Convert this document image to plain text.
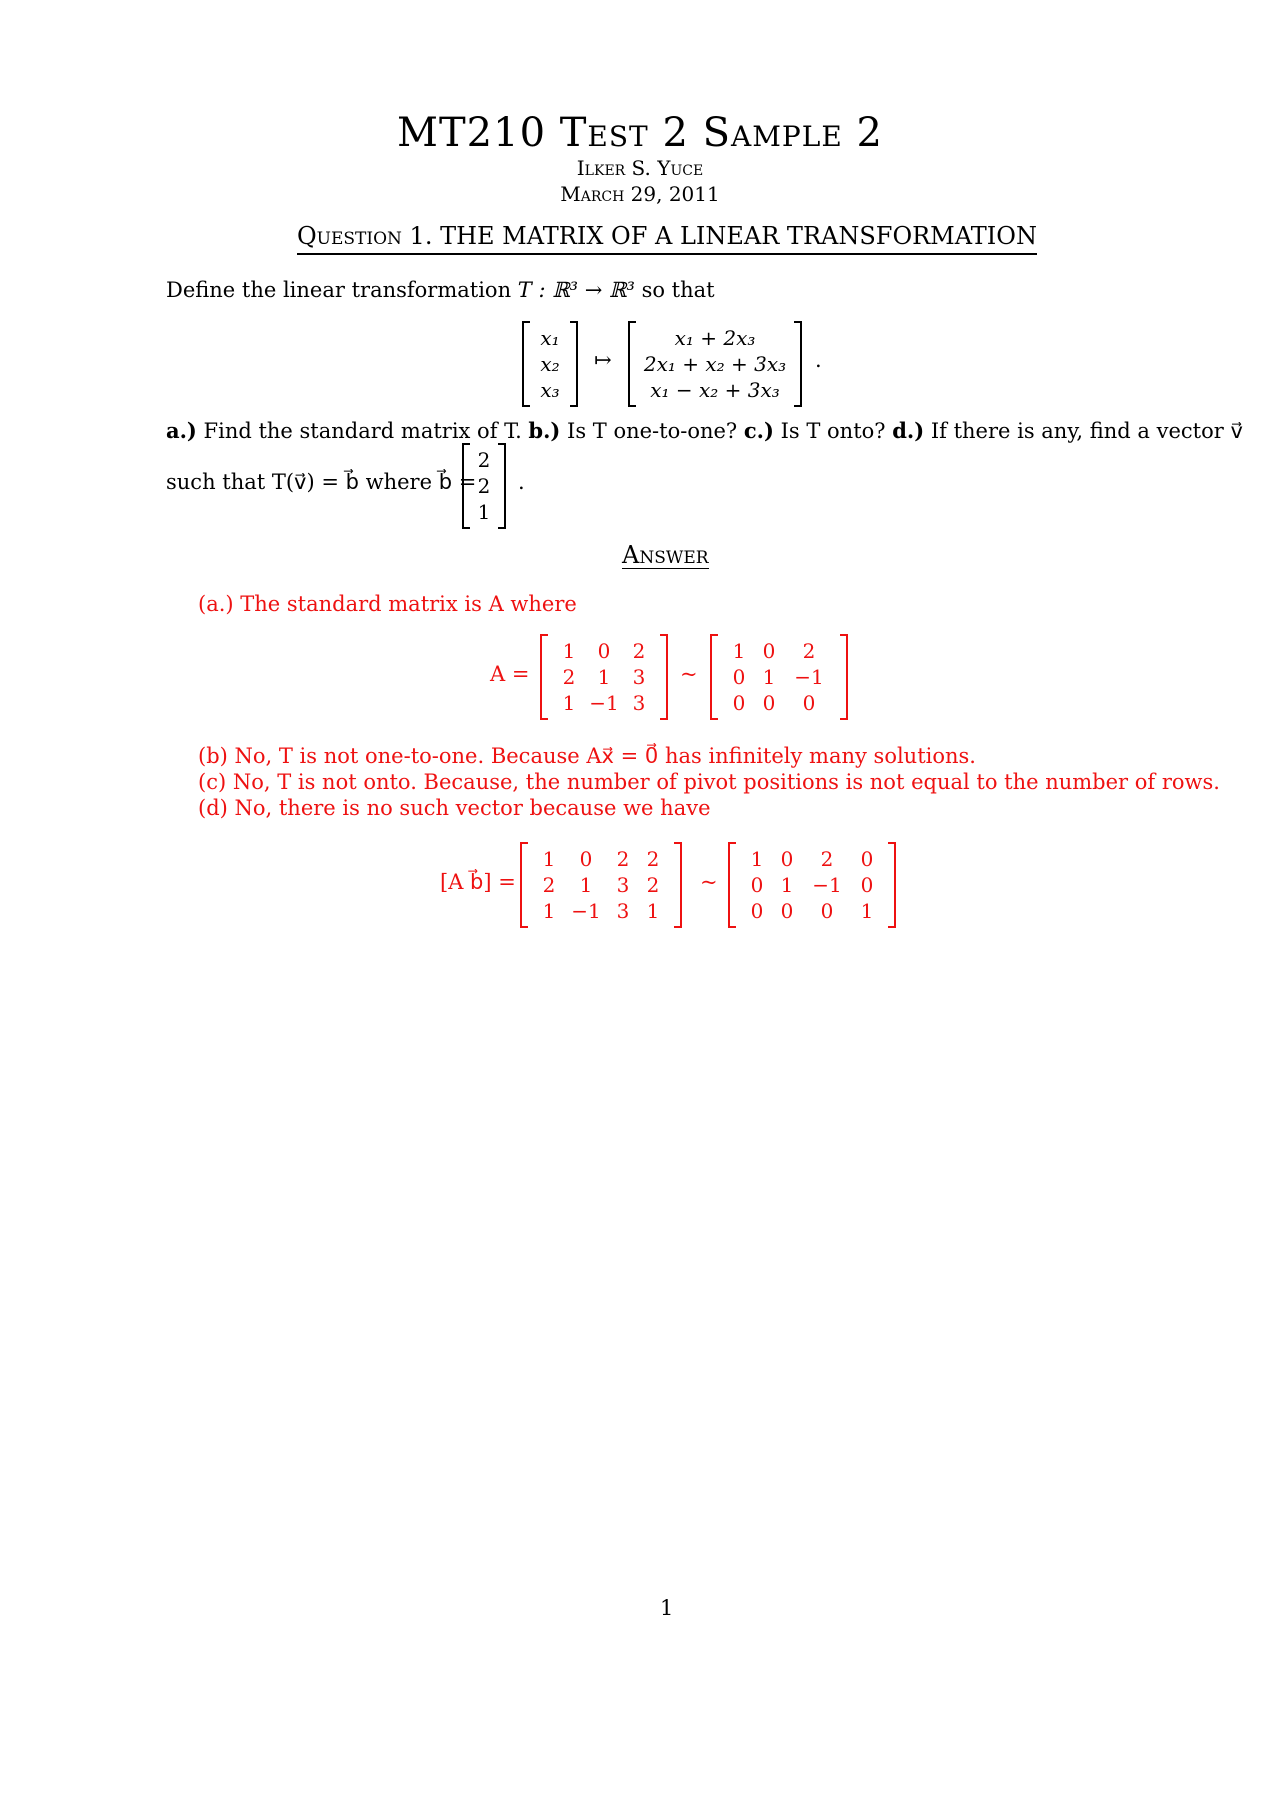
MT210 Test 2 Sample 2
Ilker S. Yuce
March 29, 2011
Question 1. THE MATRIX OF A LINEAR TRANSFORMATION
Define the linear transformation T : ℝ³ → ℝ³ so that
x₁
x₂
x₃
↦
x₁ + 2x₃
2x₁ + x₂ + 3x₃
x₁ − x₂ + 3x₃
.
a.) Find the standard matrix of T. b.) Is T one-to-one? c.) Is T onto? d.) If there is any, find a vector v⃗
such that T(v⃗) = b⃗ where b⃗ =
2
2
1
.
Answer
(a.) The standard matrix is A where
A =
1	0	2
2	1	3
1 −1 3
~
1 0	2
0 1 −1
0 0	0
(b) No, T is not one-to-one. Because Ax⃗ = 0⃗ has infinitely many solutions.
(c) No, T is not onto. Because, the number of pivot positions is not equal to the number of rows.
(d) No, there is no such vector because we have
[A b⃗] =
1	0	2 2
2	1	3 2
1 −1 3 1
~
1 0	2	0
0 1 −1 0
0 0	0	1
1
